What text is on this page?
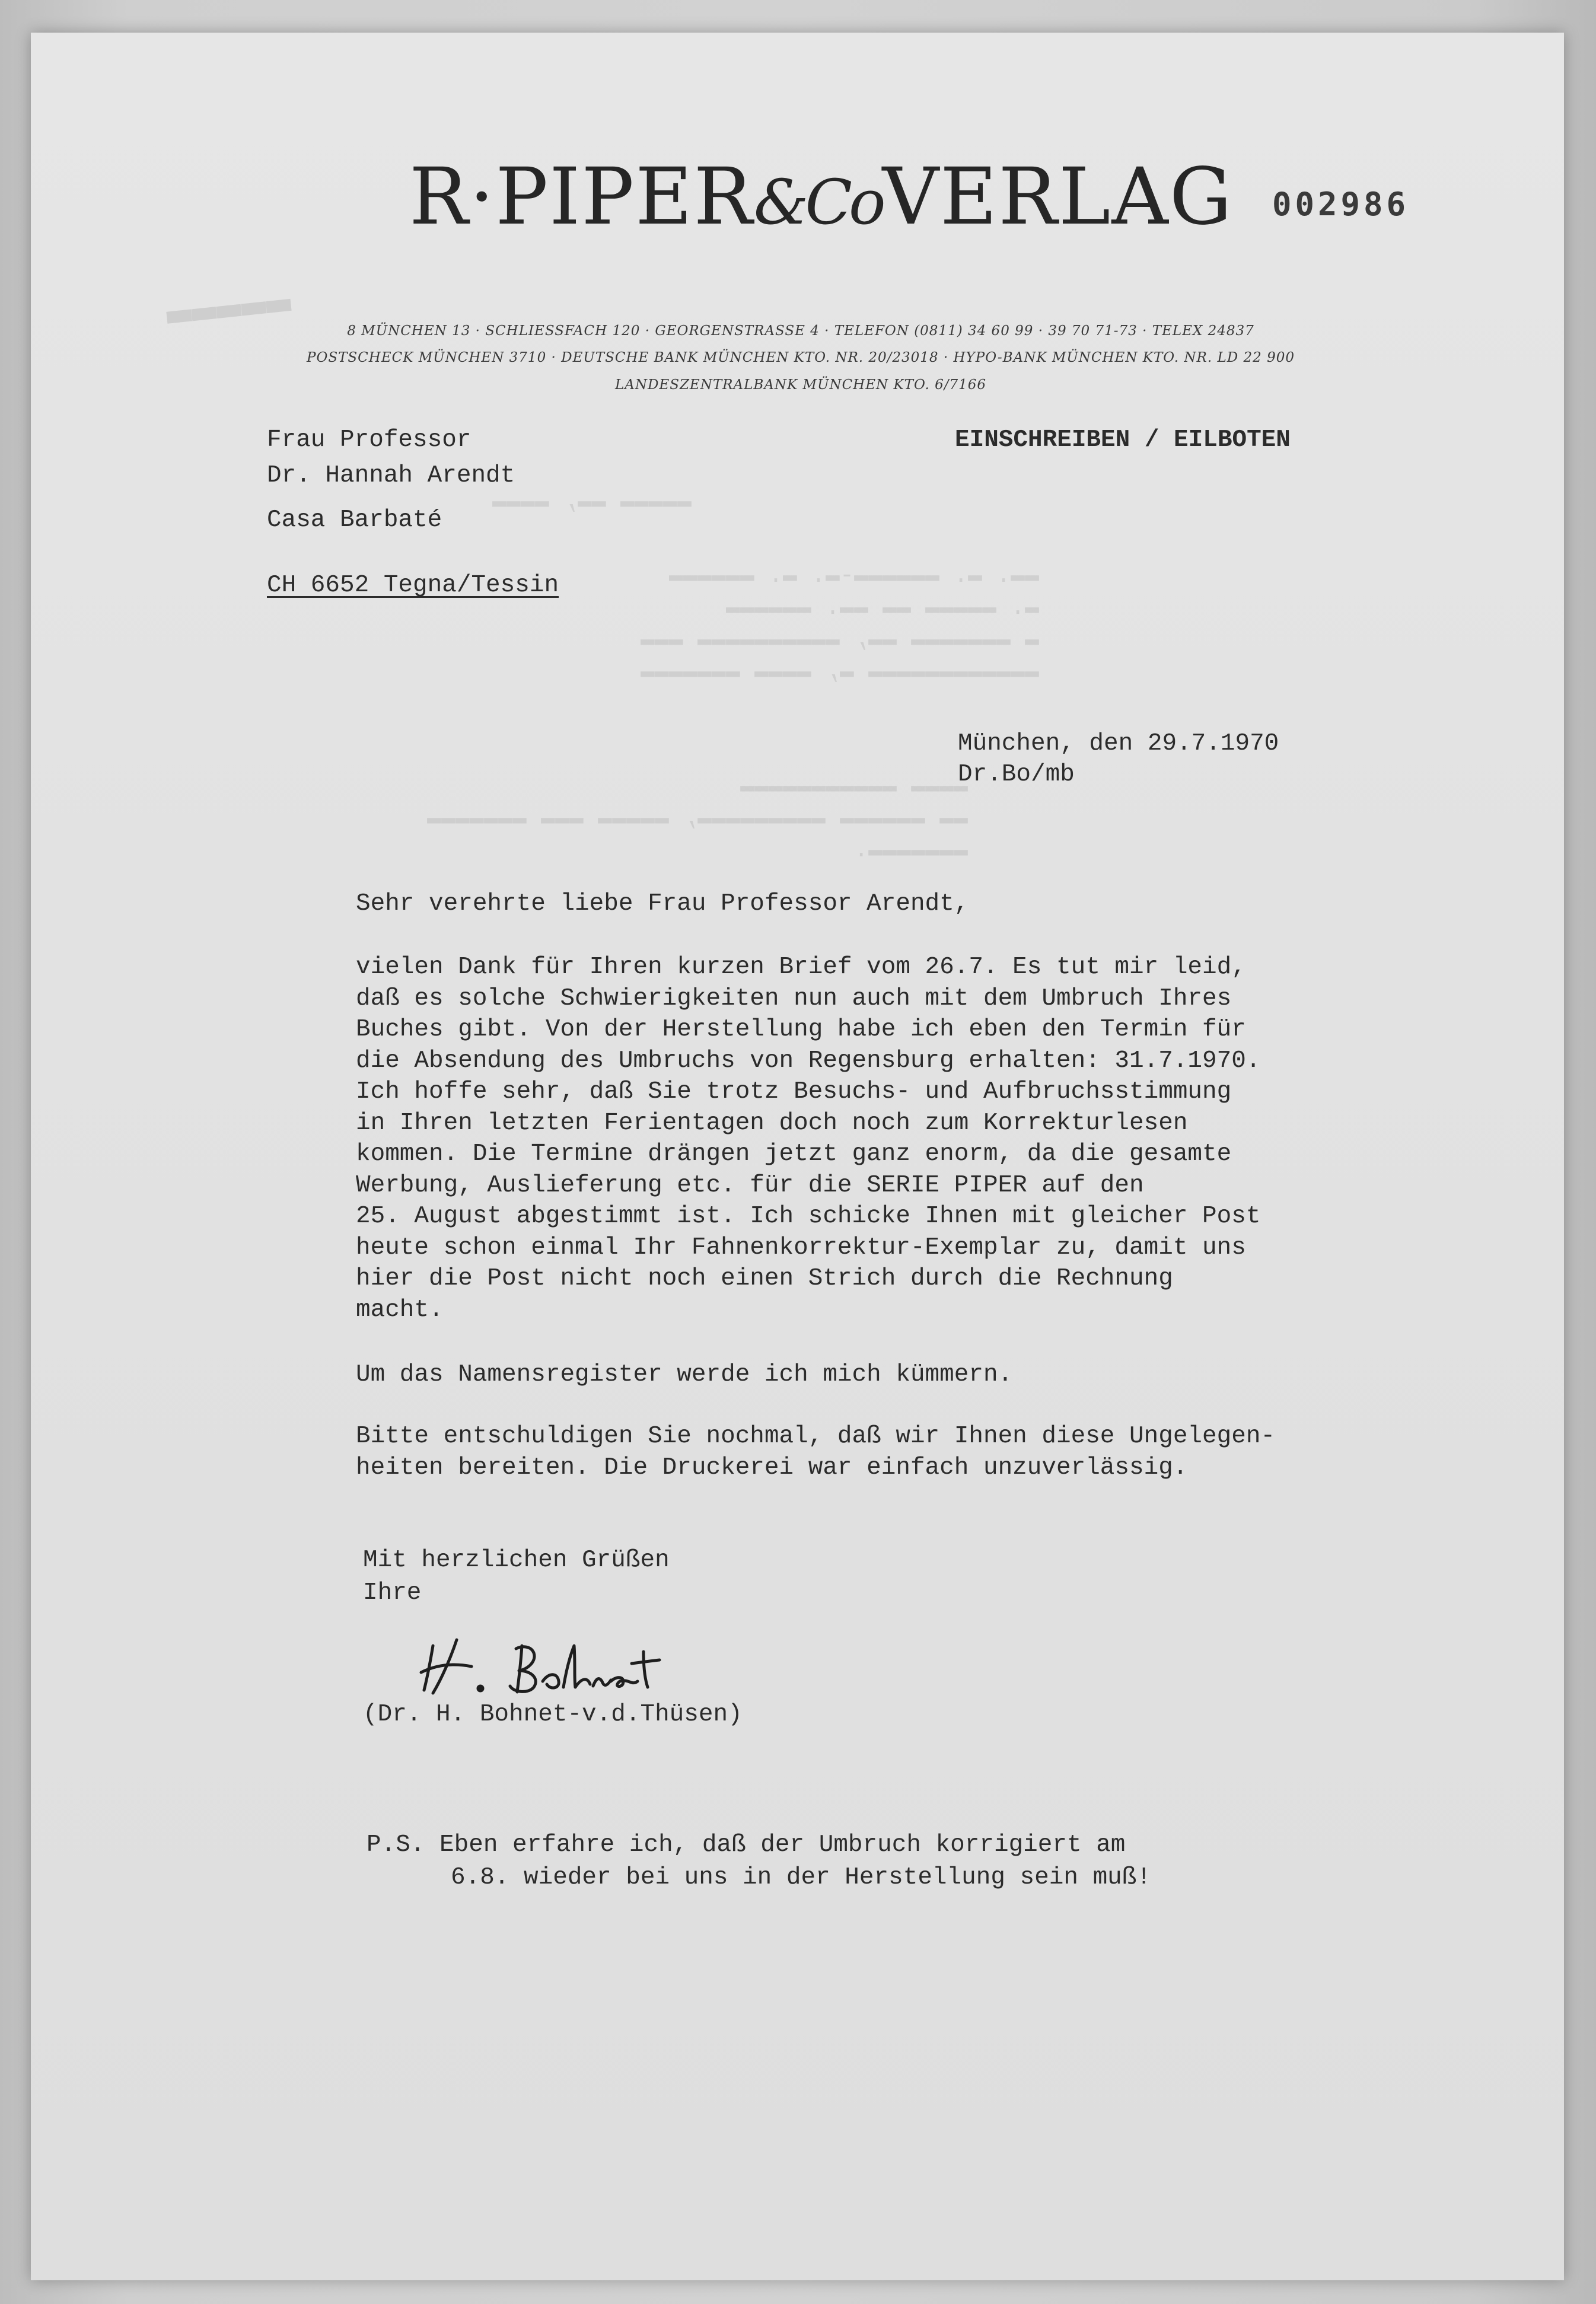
▬▬▬▬▬ ▬▬, ▬▬▬▬
▬▬. ▬. ▬▬▬▬▬▬-▬. ▬. ▬▬▬▬▬▬
▬. ▬▬▬▬▬ ▬▬ ▬▬. ▬▬▬▬▬▬
▬ ▬▬▬▬▬▬▬ ▬▬, ▬▬▬▬▬▬▬▬▬▬ ▬▬▬
▬▬▬▬▬▬▬▬▬▬▬▬ ▬, ▬▬▬▬ ▬▬▬▬▬▬▬
▬▬▬▬ ▬▬▬▬▬▬▬▬▬▬▬
▬▬ ▬▬▬▬▬▬ ▬▬▬▬▬▬▬▬▬, ▬▬▬▬▬ ▬▬▬ ▬▬▬▬▬▬▬
▬▬▬▬▬▬▬.
▬▬▬▬▬
R·PIPER&CoVERLAG 002986
8 MÜNCHEN 13 · SCHLIESSFACH 120 · GEORGENSTRASSE 4 · TELEFON (0811) 34 60 99 · 39 70 71-73 · TELEX 24837
POSTSCHECK MÜNCHEN 3710 · DEUTSCHE BANK MÜNCHEN KTO. NR. 20/23018 · HYPO-BANK MÜNCHEN KTO. NR. LD 22 900
LANDESZENTRALBANK MÜNCHEN KTO. 6/7166
Frau Professor
Dr. Hannah Arendt
Casa Barbaté
CH 6652 Tegna/Tessin
EINSCHREIBEN / EILBOTEN
München, den 29.7.1970
Dr.Bo/mb
Sehr verehrte liebe Frau Professor Arendt,
vielen Dank für Ihren kurzen Brief vom 26.7. Es tut mir leid,
daß es solche Schwierigkeiten nun auch mit dem Umbruch Ihres
Buches gibt. Von der Herstellung habe ich eben den Termin für
die Absendung des Umbruchs von Regensburg erhalten: 31.7.1970.
Ich hoffe sehr, daß Sie trotz Besuchs- und Aufbruchsstimmung
in Ihren letzten Ferientagen doch noch zum Korrekturlesen
kommen. Die Termine drängen jetzt ganz enorm, da die gesamte
Werbung, Auslieferung etc. für die SERIE PIPER auf den
25. August abgestimmt ist. Ich schicke Ihnen mit gleicher Post
heute schon einmal Ihr Fahnenkorrektur-Exemplar zu, damit uns
hier die Post nicht noch einen Strich durch die Rechnung
macht.
Um das Namensregister werde ich mich kümmern.
Bitte entschuldigen Sie nochmal, daß wir Ihnen diese Ungelegen-
heiten bereiten. Die Druckerei war einfach unzuverlässig.
Mit herzlichen Grüßen
Ihre
(Dr. H. Bohnet-v.d.Thüsen)
P.S. Eben erfahre ich, daß der Umbruch korrigiert am
6.8. wieder bei uns in der Herstellung sein muß!
